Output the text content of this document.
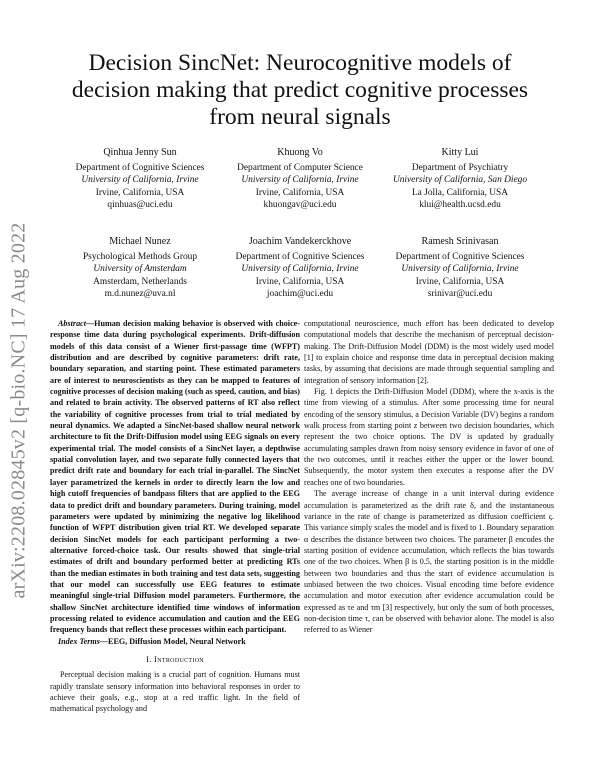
arXiv:2208.02845v2 [q-bio.NC] 17 Aug 2022
Decision SincNet: Neurocognitive models of decision making that predict cognitive processes from neural signals
Qinhua Jenny Sun
Department of Cognitive Sciences
University of California, Irvine
Irvine, California, USA
qinhuas@uci.edu
Khuong Vo
Department of Computer Science
University of California, Irvine
Irvine, California, USA
khuongav@uci.edu
Kitty Lui
Department of Psychiatry
University of California, San Diego
La Jolla, California, USA
klui@health.ucsd.edu
Michael Nunez
Psychological Methods Group
University of Amsterdam
Amsterdam, Netherlands
m.d.nunez@uva.nl
Joachim Vandekerckhove
Department of Cognitive Sciences
University of California, Irvine
Irvine, California, USA
joachim@uci.edu
Ramesh Srinivasan
Department of Cognitive Sciences
University of California, Irvine
Irvine, California, USA
srinivar@uci.edu

Abstract—Human decision making behavior is observed with choice-response time data during psychological experiments. Drift-diffusion models of this data consist of a Wiener first-passage time (WFPT) distribution and are described by cognitive parameters: drift rate, boundary separation, and starting point. These estimated parameters are of interest to neuroscientists as they can be mapped to features of cognitive processes of decision making (such as speed, caution, and bias) and related to brain activity. The observed patterns of RT also reflect the variability of cognitive processes from trial to trial mediated by neural dynamics. We adapted a SincNet-based shallow neural network architecture to fit the Drift-Diffusion model using EEG signals on every experimental trial. The model consists of a SincNet layer, a depthwise spatial convolution layer, and two separate fully connected layers that predict drift rate and boundary for each trial in-parallel. The SincNet layer parametrized the kernels in order to directly learn the low and high cutoff frequencies of bandpass filters that are applied to the EEG data to predict drift and boundary parameters. During training, model parameters were updated by minimizing the negative log likelihood function of WFPT distribution given trial RT. We developed separate decision SincNet models for each participant performing a two-alternative forced-choice task. Our results showed that single-trial estimates of drift and boundary performed better at predicting RTs than the median estimates in both training and test data sets, suggesting that our model can successfully use EEG features to estimate meaningful single-trial Diffusion model parameters. Furthermore, the shallow SincNet architecture identified time windows of information processing related to evidence accumulation and caution and the EEG frequency bands that reflect these processes within each participant.

Index Terms—EEG, Diffusion Model, Neural Network

I. Introduction

Perceptual decision making is a crucial part of cognition. Humans must rapidly translate sensory information into behavioral responses in order to achieve their goals, e.g., stop at a red traffic light. In the field of mathematical psychology and

computational neuroscience, much effort has been dedicated to develop computational models that describe the mechanism of perceptual decision-making. The Drift-Diffusion Model (DDM) is the most widely used model [1] to explain choice and response time data in perceptual decision making tasks, by assuming that decisions are made through sequential sampling and integration of sensory information [2].

Fig. 1 depicts the Drift-Diffusion Model (DDM), where the x-axis is the time from viewing of a stimulus. After some processing time for neural encoding of the sensory stimulus, a Decision Variable (DV) begins a random walk process from starting point z between two decision boundaries, which represent the two choice options. The DV is updated by gradually accumulating samples drawn from noisy sensory evidence in favor of one of the two outcomes, until it reaches either the upper or the lower bound. Subsequently, the motor system then executes a response after the DV reaches one of two boundaries.

The average increase of change in a unit interval during evidence accumulation is parameterized as the drift rate δ, and the instantaneous variance in the rate of change is parameterized as diffusion coefficient ς. This variance simply scales the model and is fixed to 1. Boundary separation α describes the distance between two choices. The parameter β encodes the starting position of evidence accumulation, which reflects the bias towards one of the two choices. When β is 0.5, the starting position is in the middle between two boundaries and thus the start of evidence accumulation is unbiased between the two choices. Visual encoding time before evidence accumulation and motor execution after evidence accumulation could be expressed as τe and τm [3] respectively, but only the sum of both processes, non-decision time τ, can be observed with behavior alone. The model is also referred to as Wiener
